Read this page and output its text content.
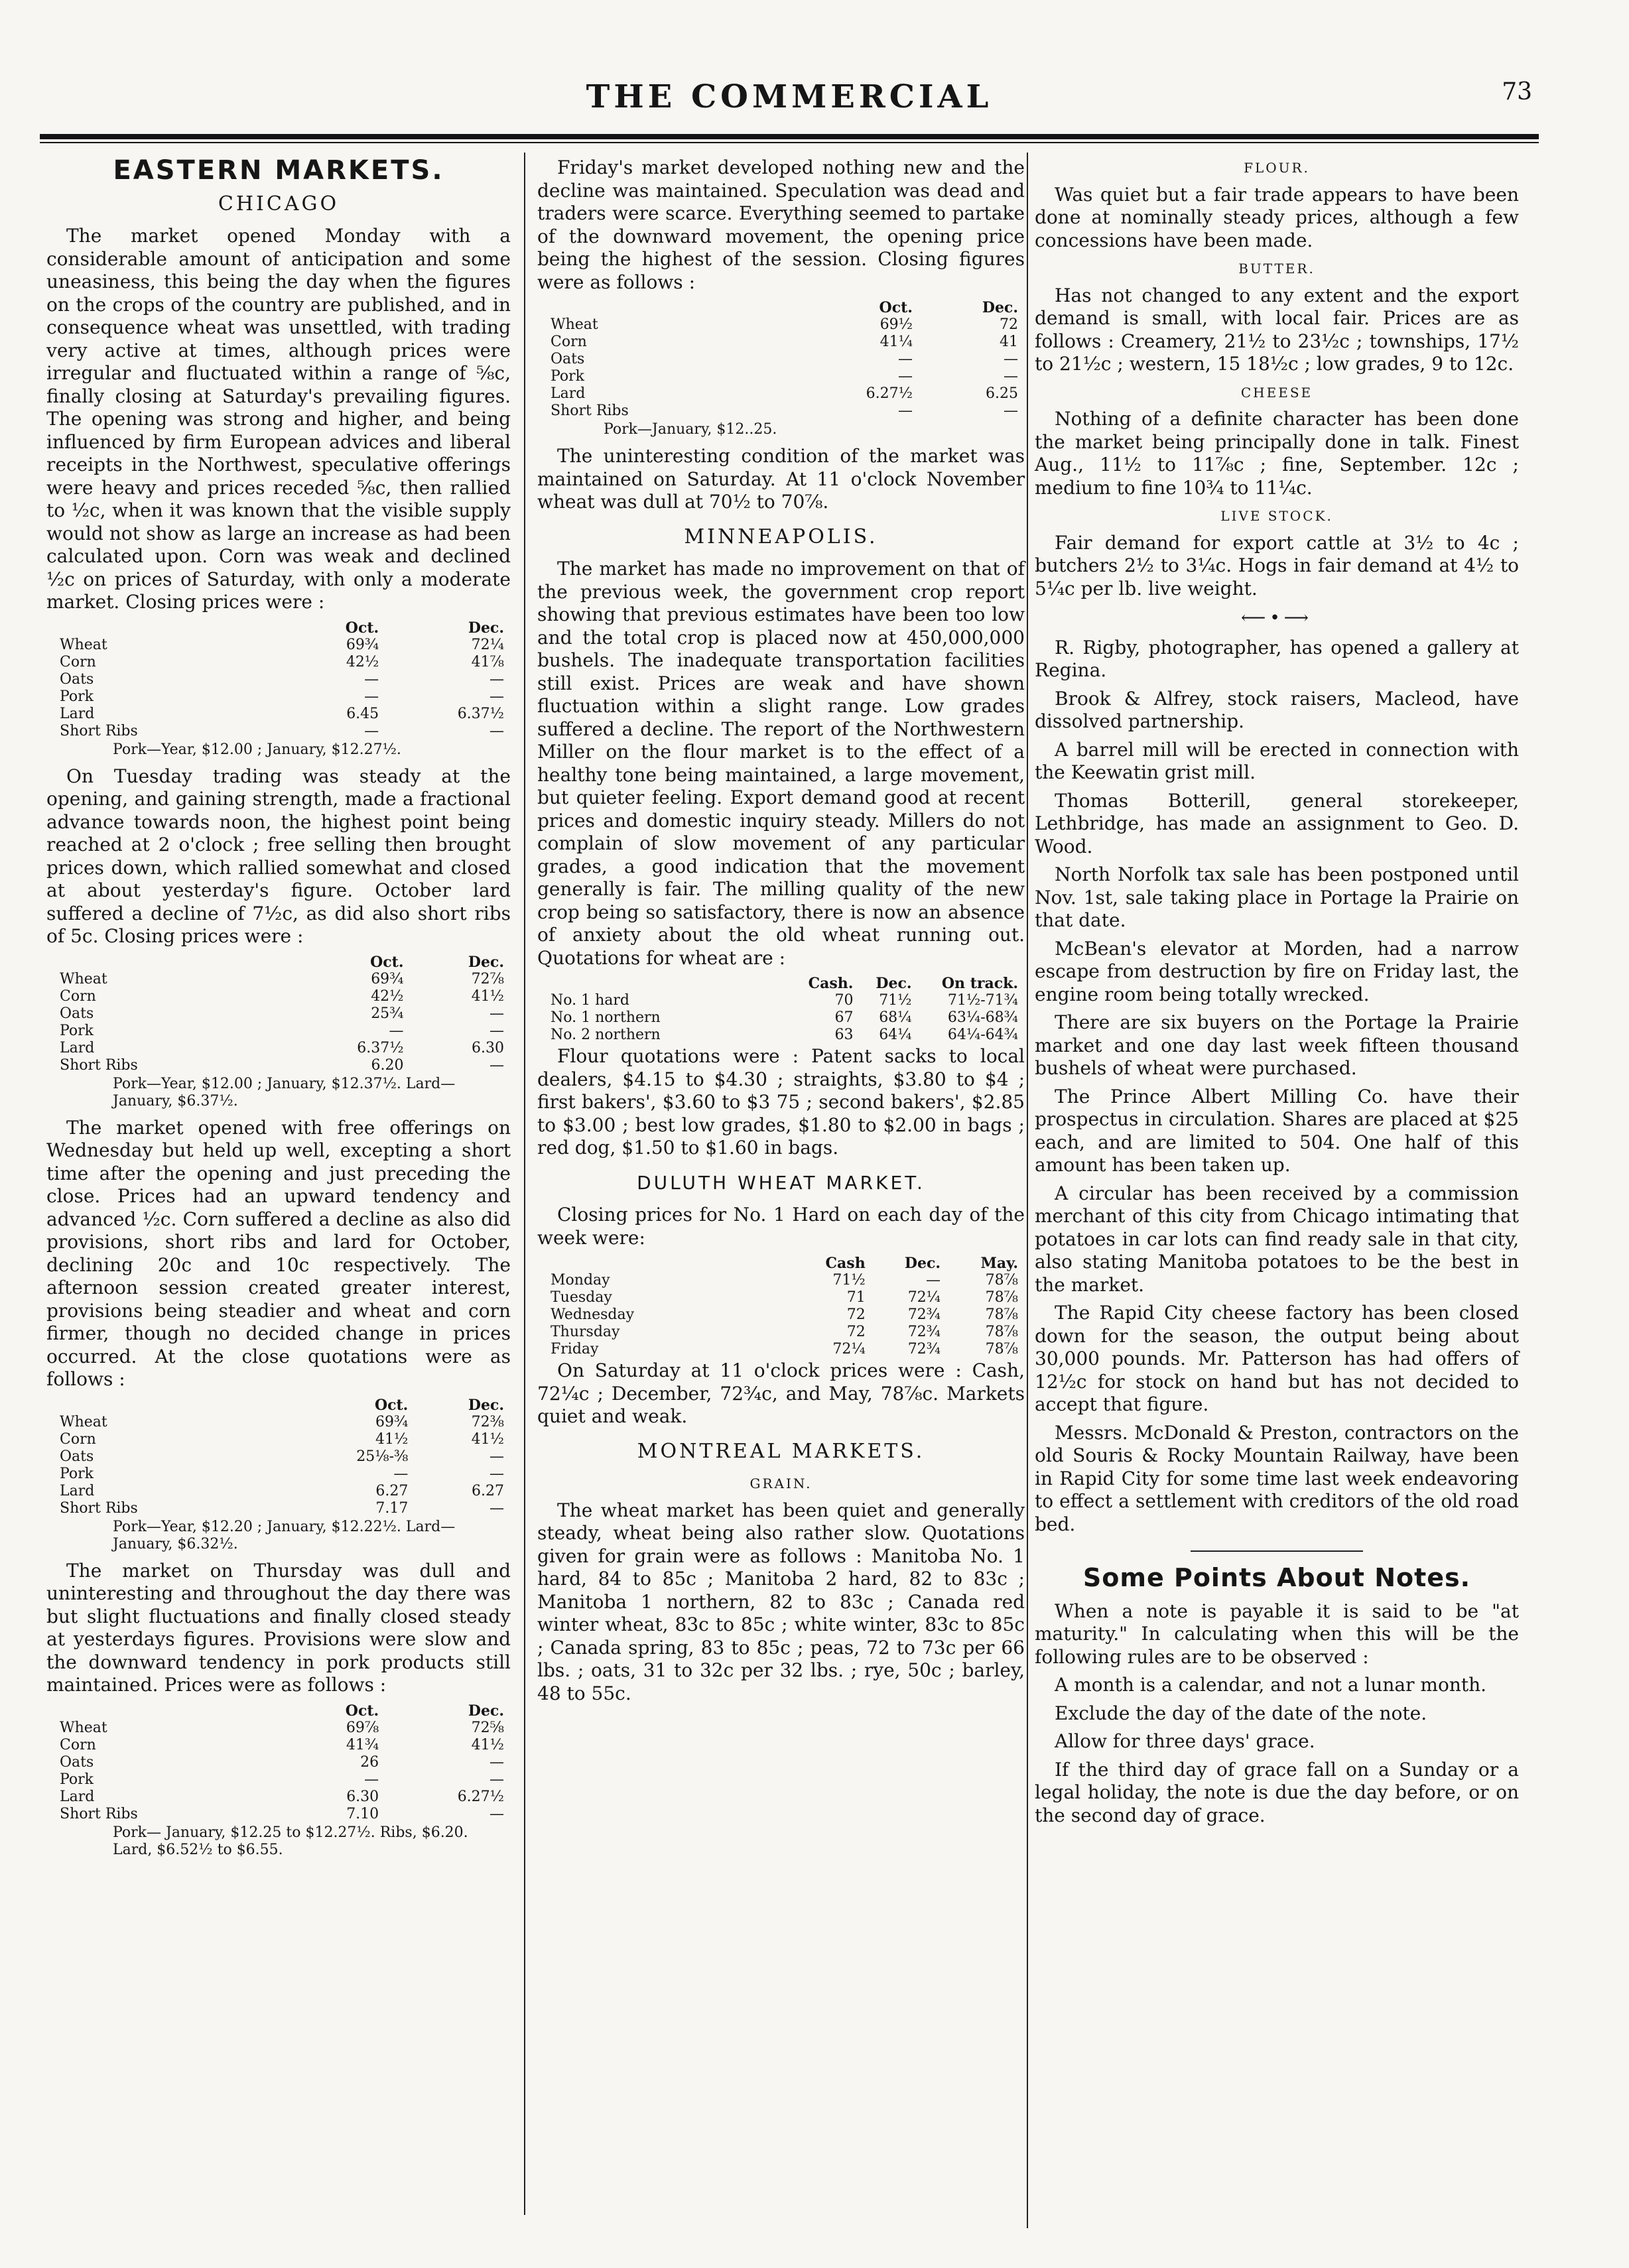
THE COMMERCIAL	73
EASTERN MARKETS.
CHICAGO

The market opened Monday with a considerable amount of anticipation and some uneasiness, this being the day when the figures on the crops of the country are published, and in consequence wheat was unsettled, with trading very active at times, although prices were irregular and fluctuated within a range of ⅝c, finally closing at Saturday's prevailing figures. The opening was strong and higher, and being influenced by firm European advices and liberal receipts in the Northwest, speculative offerings were heavy and prices receded ⅝c, then rallied to ½c, when it was known that the visible supply would not show as large an increase as had been calculated upon. Corn was weak and declined ½c on prices of Saturday, with only a moderate market. Closing prices were :

	Oct.	Dec.
Wheat	69¾	72¼
Corn	42½	41⅞
Oats	—	—
Pork	—	—
Lard	6.45	6.37½
Short Ribs	—	—
Pork—Year, $12.00 ; January, $12.27½.

On Tuesday trading was steady at the opening, and gaining strength, made a fractional advance towards noon, the highest point being reached at 2 o'clock ; free selling then brought prices down, which rallied somewhat and closed at about yesterday's figure. October lard suffered a decline of 7½c, as did also short ribs of 5c. Closing prices were :

	Oct.	Dec.
Wheat	69¾	72⅞
Corn	42½	41½
Oats	25¾	—
Pork	—	—
Lard	6.37½	6.30
Short Ribs	6.20	—
Pork—Year, $12.00 ; January, $12.37½. Lard—January, $6.37½.

The market opened with free offerings on Wednesday but held up well, excepting a short time after the opening and just preceding the close. Prices had an upward tendency and advanced ½c. Corn suffered a decline as also did provisions, short ribs and lard for October, declining 20c and 10c respectively. The afternoon session created greater interest, provisions being steadier and wheat and corn firmer, though no decided change in prices occurred. At the close quotations were as follows :

	Oct.	Dec.
Wheat	69¾	72⅜
Corn	41½	41½
Oats	25⅛-⅜	—
Pork	—	—
Lard	6.27	6.27
Short Ribs	7.17	—
Pork—Year, $12.20 ; January, $12.22½. Lard—January, $6.32½.

The market on Thursday was dull and uninteresting and throughout the day there was but slight fluctuations and finally closed steady at yesterdays figures. Provisions were slow and the downward tendency in pork products still maintained. Prices were as follows :

	Oct.	Dec.
Wheat	69⅞	72⅝
Corn	41¾	41½
Oats	26	—
Pork	—	—
Lard	6.30	6.27½
Short Ribs	7.10	—
Pork— January, $12.25 to $12.27½. Ribs, $6.20. Lard, $6.52½ to $6.55.

Friday's market developed nothing new and the decline was maintained. Speculation was dead and traders were scarce. Everything seemed to partake of the downward movement, the opening price being the highest of the session. Closing figures were as follows :

	Oct.	Dec.
Wheat	69½	72
Corn	41¼	41
Oats	—	—
Pork	—	—
Lard	6.27½	6.25
Short Ribs	—	—
Pork—January, $12..25.

The uninteresting condition of the market was maintained on Saturday. At 11 o'clock November wheat was dull at 70½ to 70⅞.

MINNEAPOLIS.

The market has made no improvement on that of the previous week, the government crop report showing that previous estimates have been too low and the total crop is placed now at 450,000,000 bushels. The inadequate transportation facilities still exist. Prices are weak and have shown fluctuation within a slight range. Low grades suffered a decline. The report of the Northwestern Miller on the flour market is to the effect of a healthy tone being maintained, a large movement, but quieter feeling. Export demand good at recent prices and domestic inquiry steady. Millers do not complain of slow movement of any particular grades, a good indication that the movement generally is fair. The milling quality of the new crop being so satisfactory, there is now an absence of anxiety about the old wheat running out. Quotations for wheat are :

	Cash.	Dec.	On track.
No. 1 hard	70	71½	71½-71¾
No. 1 northern	67	68¼	63¼-68¾
No. 2 northern	63	64¼	64¼-64¾

Flour quotations were : Patent sacks to local dealers, $4.15 to $4.30 ; straights, $3.80 to $4 ; first bakers', $3.60 to $3 75 ; second bakers', $2.85 to $3.00 ; best low grades, $1.80 to $2.00 in bags ; red dog, $1.50 to $1.60 in bags.

DULUTH WHEAT MARKET.

Closing prices for No. 1 Hard on each day of the week were:

	Cash	Dec.	May.
Monday	71½	—	78⅞
Tuesday	71	72¼	78⅞
Wednesday	72	72¾	78⅞
Thursday	72	72¾	78⅞
Friday	72¼	72¾	78⅞

On Saturday at 11 o'clock prices were : Cash, 72¼c ; December, 72¾c, and May, 78⅞c. Markets quiet and weak.

MONTREAL MARKETS.
GRAIN.

The wheat market has been quiet and generally steady, wheat being also rather slow. Quotations given for grain were as follows : Manitoba No. 1 hard, 84 to 85c ; Manitoba 2 hard, 82 to 83c ; Manitoba 1 northern, 82 to 83c ; Canada red winter wheat, 83c to 85c ; white winter, 83c to 85c ; Canada spring, 83 to 85c ; peas, 72 to 73c per 66 lbs. ; oats, 31 to 32c per 32 lbs. ; rye, 50c ; barley, 48 to 55c.

FLOUR.

Was quiet but a fair trade appears to have been done at nominally steady prices, although a few concessions have been made.

BUTTER.

Has not changed to any extent and the export demand is small, with local fair. Prices are as follows : Creamery, 21½ to 23½c ; townships, 17½ to 21½c ; western, 15 18½c ; low grades, 9 to 12c.

CHEESE

Nothing of a definite character has been done the market being principally done in talk. Finest Aug., 11½ to 11⅞c ; fine, September. 12c ; medium to fine 10¾ to 11¼c.

LIVE STOCK.

Fair demand for export cattle at 3½ to 4c ; butchers 2½ to 3¼c. Hogs in fair demand at 4½ to 5¼c per lb. live weight.

⟵•⟶

R. Rigby, photographer, has opened a gallery at Regina.

Brook & Alfrey, stock raisers, Macleod, have dissolved partnership.

A barrel mill will be erected in connection with the Keewatin grist mill.

Thomas Botterill, general storekeeper, Lethbridge, has made an assignment to Geo. D. Wood.

North Norfolk tax sale has been postponed until Nov. 1st, sale taking place in Portage la Prairie on that date.

McBean's elevator at Morden, had a narrow escape from destruction by fire on Friday last, the engine room being totally wrecked.

There are six buyers on the Portage la Prairie market and one day last week fifteen thousand bushels of wheat were purchased.

The Prince Albert Milling Co. have their prospectus in circulation. Shares are placed at $25 each, and are limited to 504. One half of this amount has been taken up.

A circular has been received by a commission merchant of this city from Chicago intimating that potatoes in car lots can find ready sale in that city, also stating Manitoba potatoes to be the best in the market.

The Rapid City cheese factory has been closed down for the season, the output being about 30,000 pounds. Mr. Patterson has had offers of 12½c for stock on hand but has not decided to accept that figure.

Messrs. McDonald & Preston, contractors on the old Souris & Rocky Mountain Railway, have been in Rapid City for some time last week endeavoring to effect a settlement with creditors of the old road bed.

Some Points About Notes.

When a note is payable it is said to be "at maturity." In calculating when this will be the following rules are to be observed :

A month is a calendar, and not a lunar month.

Exclude the day of the date of the note.

Allow for three days' grace.

If the third day of grace fall on a Sunday or a legal holiday, the note is due the day before, or on the second day of grace.
